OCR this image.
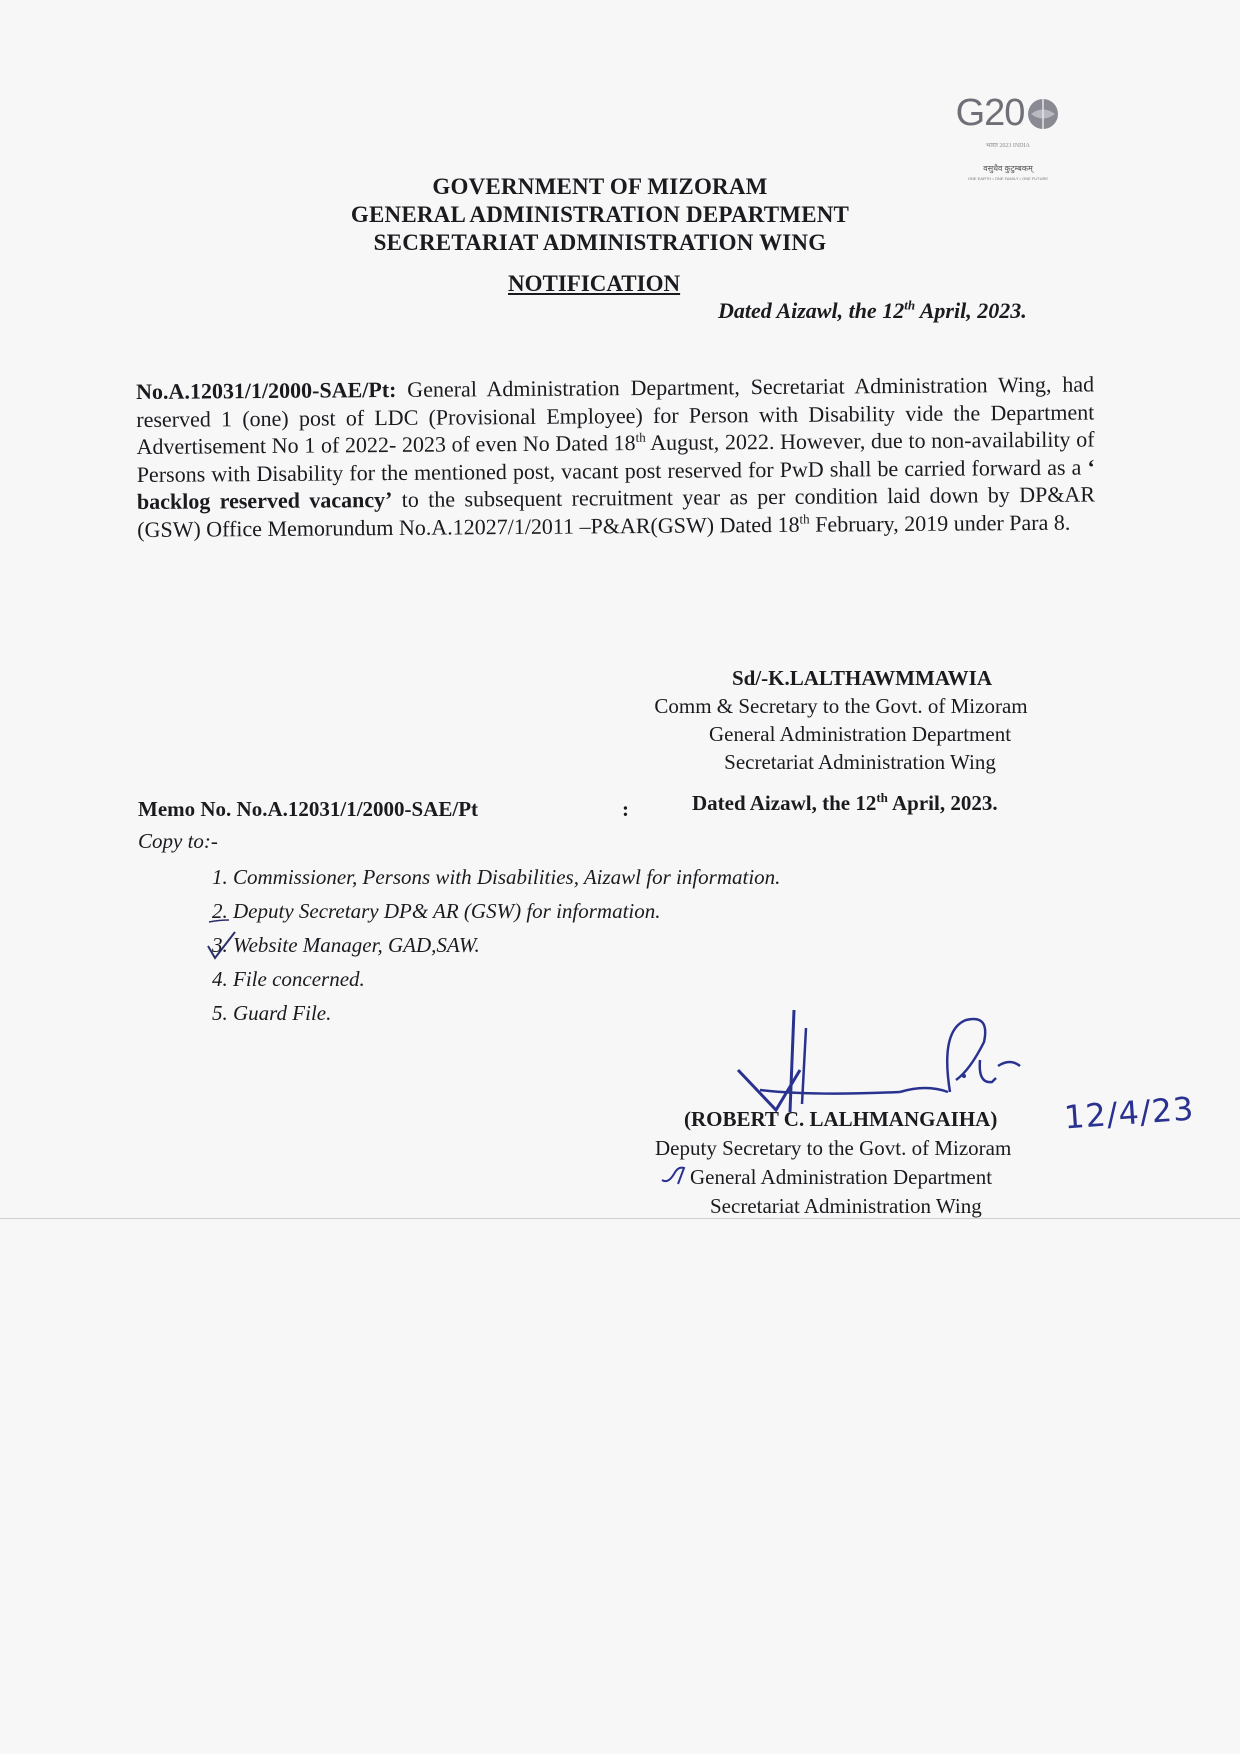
G20
भारत 2023 INDIA
वसुधैव कुटुम्बकम्
ONE EARTH • ONE FAMILY • ONE FUTURE
GOVERNMENT OF MIZORAM
GENERAL ADMINISTRATION DEPARTMENT
SECRETARIAT ADMINISTRATION WING
NOTIFICATION
Dated Aizawl, the 12th April, 2023.
No.A.12031/1/2000-SAE/Pt: General Administration Department, Secretariat Administration Wing, had reserved 1 (one) post of LDC (Provisional Employee) for Person with Disability vide the Department Advertisement No 1 of 2022- 2023 of even No Dated 18th August, 2022. However, due to non-availability of Persons with Disability for the mentioned post, vacant post reserved for PwD shall be carried forward as a ‘ backlog reserved vacancy’ to the subsequent recruitment year as per condition laid down by DP&AR (GSW) Office Memorundum No.A.12027/1/2011 –P&AR(GSW) Dated 18th February, 2019 under Para 8.
Sd/-K.LALTHAWMMAWIA
Comm & Secretary to the Govt. of Mizoram
General Administration Department
Secretariat Administration Wing
Memo No. No.A.12031/1/2000-SAE/Pt	:	Dated Aizawl, the 12th April, 2023.
Copy to:-
1. Commissioner, Persons with Disabilities, Aizawl for information.
2. Deputy Secretary DP& AR (GSW) for information.
3. Website Manager, GAD,SAW.
4. File concerned.
5. Guard File.
12/4/23
(ROBERT C. LALHMANGAIHA)
Deputy Secretary to the Govt. of Mizoram
General Administration Department
Secretariat Administration Wing
